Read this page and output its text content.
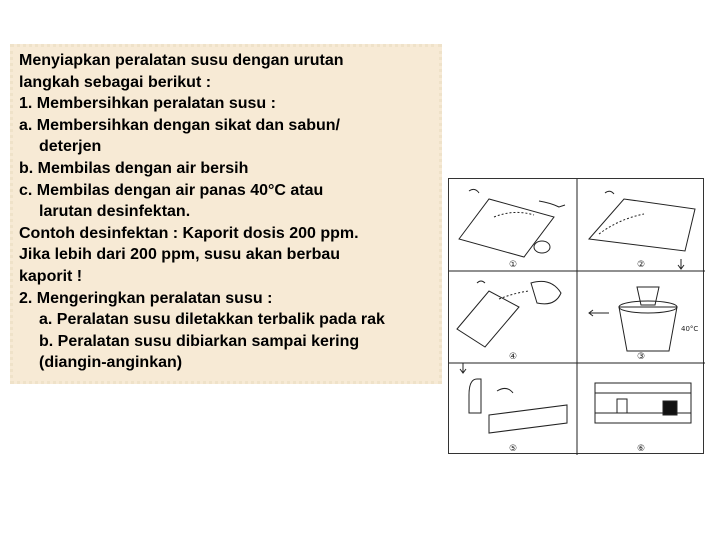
Menyiapkan peralatan susu dengan urutan
langkah sebagai berikut :
1. Membersihkan peralatan susu :
a. Membersihkan dengan sikat dan sabun/
deterjen
b. Membilas dengan air bersih
c. Membilas dengan air panas 40°C atau
larutan desinfektan.
Contoh desinfektan : Kaporit dosis 200 ppm.
Jika lebih dari 200 ppm, susu akan berbau
kaporit !
2. Mengeringkan peralatan susu :
a. Peralatan susu diletakkan terbalik pada rak
b. Peralatan susu dibiarkan sampai kering
(diangin-anginkan)
①	②
④	③
⑤	⑥
40°C
